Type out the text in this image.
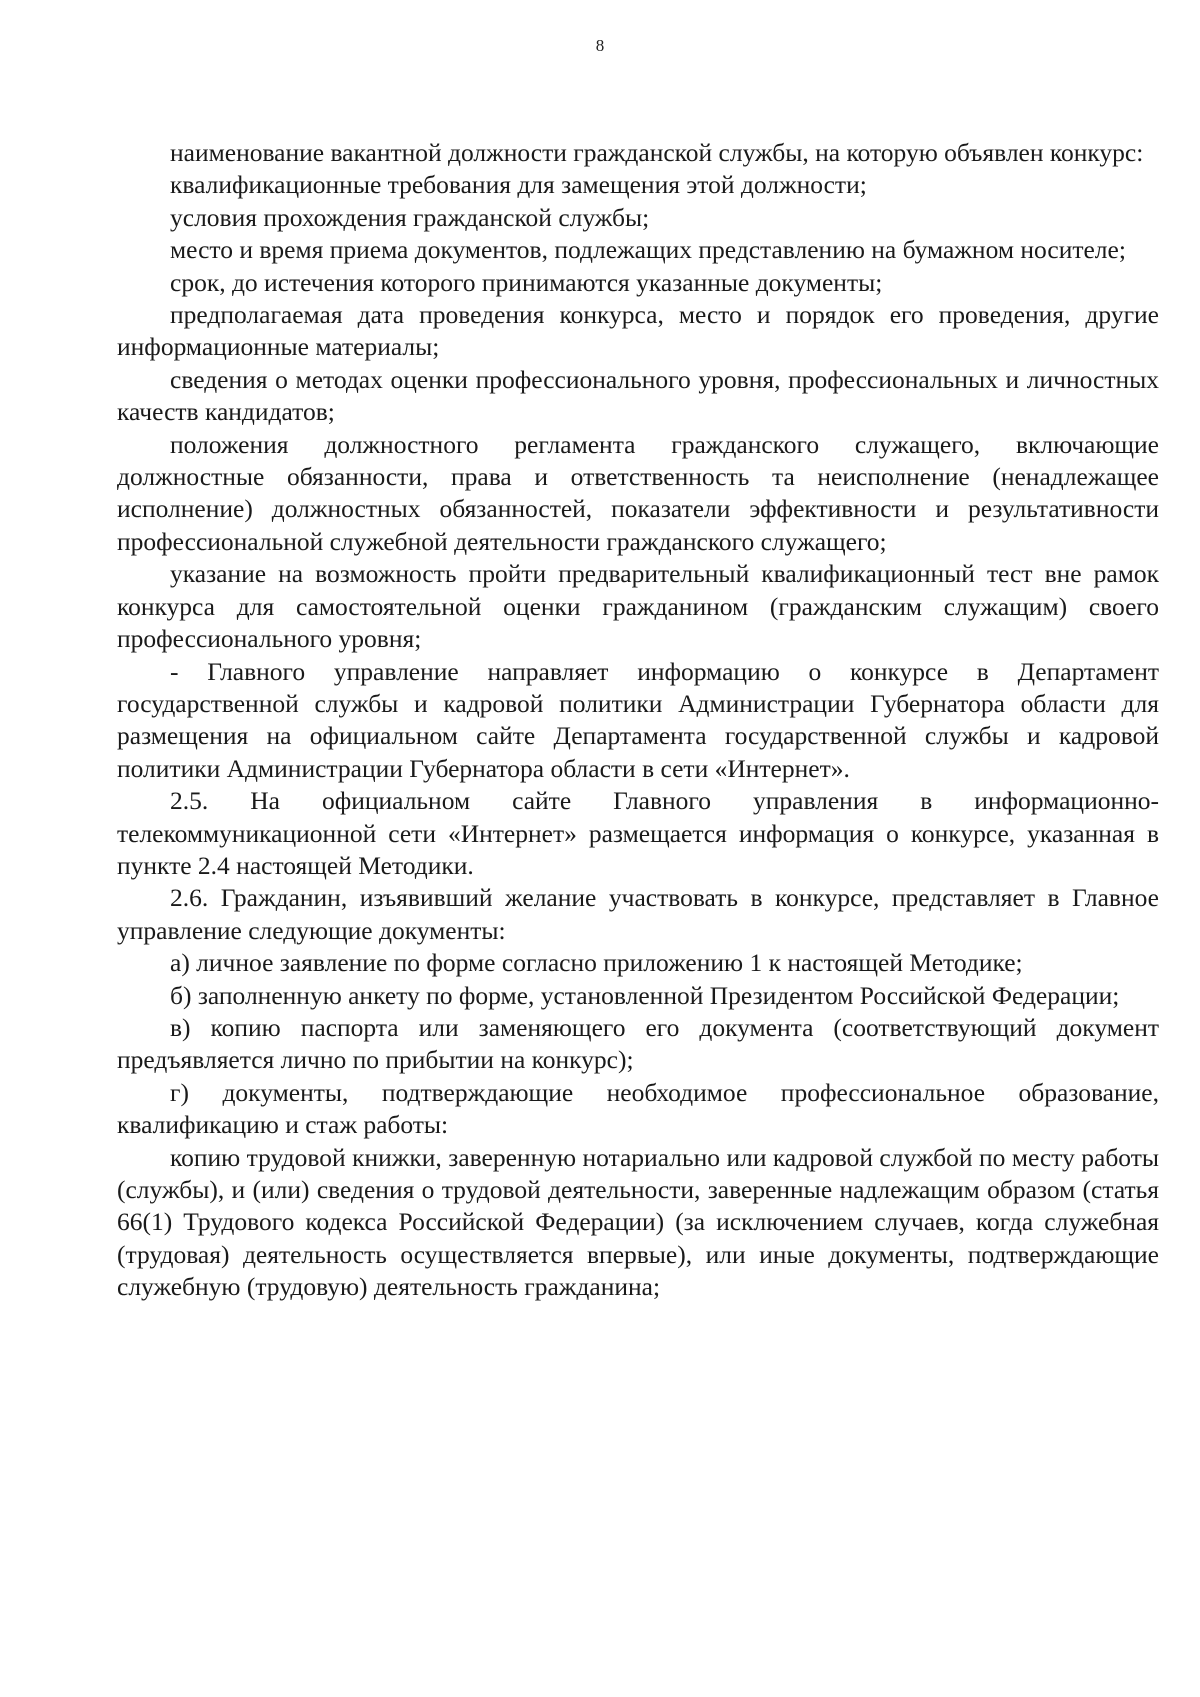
8

наименование вакантной должности гражданской службы, на которую объявлен конкурс:

квалификационные требования для замещения этой должности;

условия прохождения гражданской службы;

место и время приема документов, подлежащих представлению на бумажном носителе;

срок, до истечения которого принимаются указанные документы;

предполагаемая дата проведения конкурса, место и порядок его проведения, другие информационные материалы;

сведения о методах оценки профессионального уровня, профессиональных и личностных качеств кандидатов;

положения должностного регламента гражданского служащего, включающие должностные обязанности, права и ответственность та неисполнение (ненадлежащее исполнение) должностных обязанностей, показатели эффективности и результативности профессиональной служебной деятельности гражданского служащего;

указание на возможность пройти предварительный квалификационный тест вне рамок конкурса для самостоятельной оценки гражданином (гражданским служащим) своего профессионального уровня;

- Главного управление направляет информацию о конкурсе в Департамент государственной службы и кадровой политики Администрации Губернатора области для размещения на официальном сайте Департамента государственной службы и кадровой политики Администрации Губернатора области в сети «Интернет».

2.5. На официальном сайте Главного управления в информационно-телекоммуникационной сети «Интернет» размещается информация о конкурсе, указанная в пункте 2.4 настоящей Методики.

2.6. Гражданин, изъявивший желание участвовать в конкурсе, представляет в Главное управление следующие документы:

а) личное заявление по форме согласно приложению 1 к настоящей Методике;

б) заполненную анкету по форме, установленной Президентом Российской Федерации;

в) копию паспорта или заменяющего его документа (соответствующий документ предъявляется лично по прибытии на конкурс);

г) документы, подтверждающие необходимое профессиональное образование, квалификацию и стаж работы:

копию трудовой книжки, заверенную нотариально или кадровой службой по месту работы (службы), и (или) сведения о трудовой деятельности, заверенные надлежащим образом (статья 66(1) Трудового кодекса Российской Федерации) (за исключением случаев, когда служебная (трудовая) деятельность осуществляется впервые), или иные документы, подтверждающие служебную (трудовую) деятельность гражданина;
